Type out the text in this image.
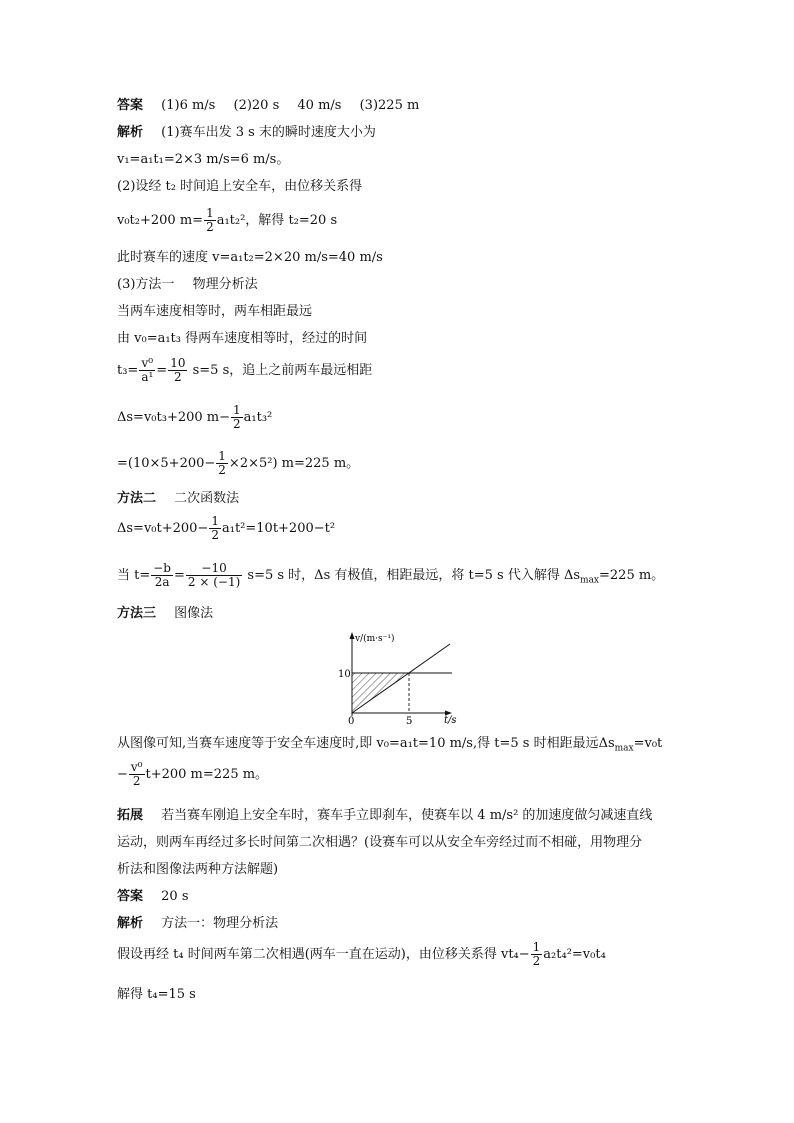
答案 (1)6 m/s (2)20 s 40 m/s (3)225 m
解析 (1)赛车出发 3 s 末的瞬时速度大小为
v₁=a₁t₁=2×3 m/s=6 m/s。
(2)设经 t₂ 时间追上安全车，由位移关系得
v₀t₂+200 $m= \frac{1}{2} a_1t_2^2$，解得 t₂=20 s
此时赛车的速度 v=a₁t₂=2×20 m/s=40 m/s
(3)方法一 物理分析法
当两车速度相等时，两车相距最远
由 v₀=a₁t₃ 得两车速度相等时，经过的时间
$t_3= \frac{\text{v⁰}}{\text{a¹}} = \frac{10}{2} s=5$ s，追上之前两车最远相距
Δs=v₀t₃+200 $m- \frac{1}{2} a_1t_3^2$
$=(10\times 5+200- \frac{1}{2} \times 2\times 5^2)$ m=225 m。
方法二 二次函数法
$\Delta s=v_0t+200- \frac{1}{2} a_1t^2=10t+200-t^2$
当 $t= \frac{-b}{2a} = \frac{-10}{2 \times (-1)} s=5$ s 时，Δs 有极值，相距最远，将 t=5 s 代入解得 $\Delta s_{max}=225$ m。
方法三 图像法
v/(m·s⁻¹)
t/s
10
5
0
从图像可知,当赛车速度等于安全车速度时,即 v₀=a₁t=10 m/s,得 t=5 s 时相距最远$\Delta s_{max}=v_0t$
− $\frac{\text{v⁰}}{2} t+200$ m=225 m。
拓展 若当赛车刚追上安全车时，赛车手立即刹车，使赛车以 4 m/s² 的加速度做匀减速直线
运动，则两车再经过多长时间第二次相遇？(设赛车可以从安全车旁经过而不相碰，用物理分
析法和图像法两种方法解题)
答案 20 s
解析 方法一：物理分析法
假设再经 t₄ 时间两车第二次相遇(两车一直在运动)，由位移关系得 $vt_4- \frac{1}{2} a_2t_4^2=v_0t_4$
解得 t₄=15 s
